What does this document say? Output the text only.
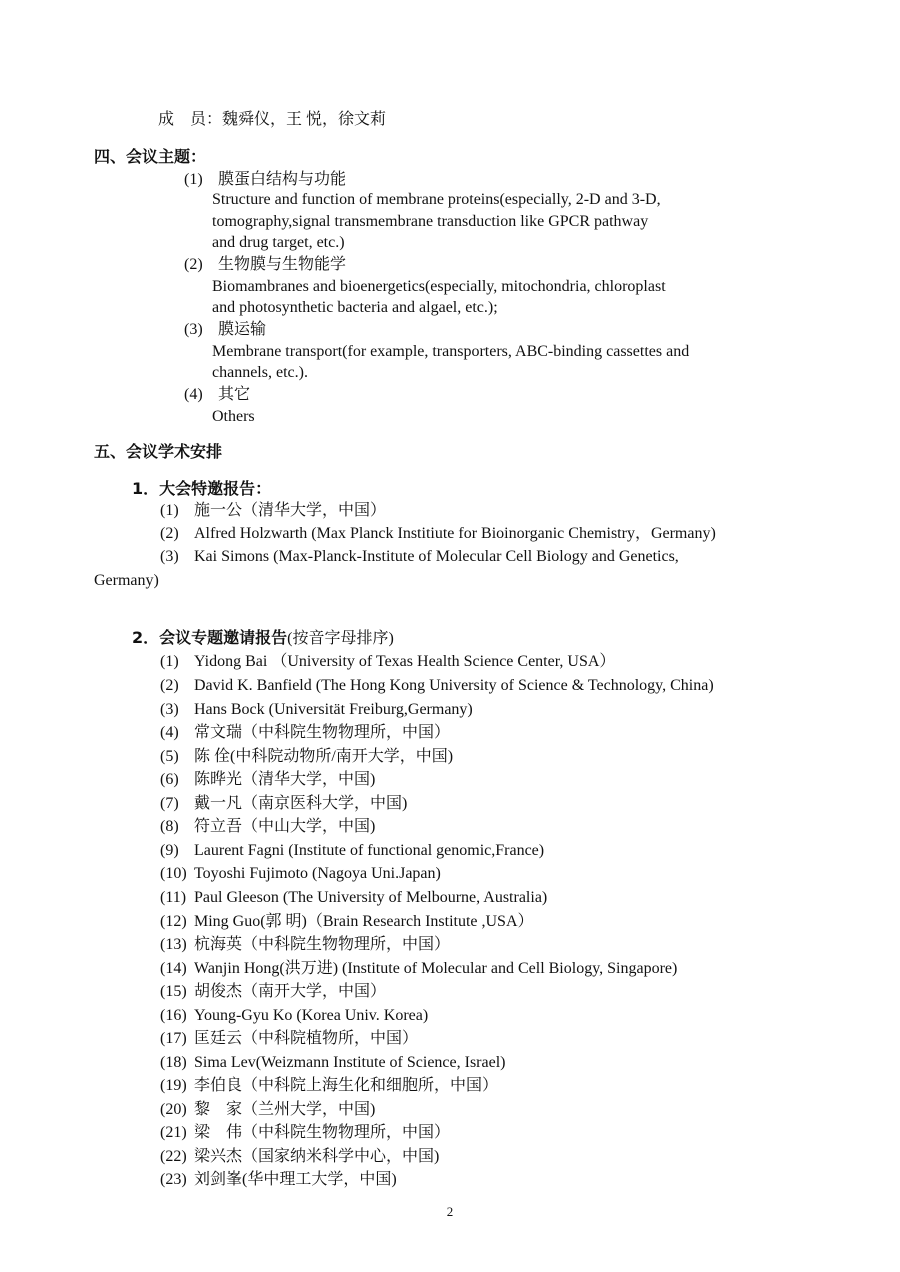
成　员：魏舜仪，王 悦，徐文莉
四、会议主题：
(1) 膜蛋白结构与功能
Structure and function of membrane proteins(especially, 2-D and 3-D,
tomography,signal transmembrane transduction like GPCR pathway
and drug target, etc.)
(2) 生物膜与生物能学
Biomambranes and bioenergetics(especially, mitochondria, chloroplast
and photosynthetic bacteria and algael, etc.);
(3) 膜运输
Membrane transport(for example, transporters, ABC-binding cassettes and
channels, etc.).
(4) 其它
Others
五、会议学术安排
1．大会特邀报告：
(1) 施一公（清华大学，中国）
(2) Alfred Holzwarth (Max Planck Institiute for Bioinorganic Chemistry，Germany)
(3) Kai Simons (Max-Planck-Institute of Molecular Cell Biology and Genetics,
Germany)
2．会议专题邀请报告(按音字母排序)
(1) Yidong Bai （University of Texas Health Science Center, USA）
(2) David K. Banfield (The Hong Kong University of Science & Technology, China)
(3) Hans Bock (Universität Freiburg,Germany)
(4) 常文瑞（中科院生物物理所，中国）
(5) 陈 佺(中科院动物所/南开大学，中国)
(6) 陈晔光（清华大学，中国)
(7) 戴一凡（南京医科大学，中国)
(8) 符立吾（中山大学，中国)
(9) Laurent Fagni (Institute of functional genomic,France)
(10) Toyoshi Fujimoto (Nagoya Uni.Japan)
(11) Paul Gleeson (The University of Melbourne, Australia)
(12) Ming Guo(郭 明)（Brain Research Institute ,USA）
(13) 杭海英（中科院生物物理所，中国）
(14) Wanjin Hong(洪万进) (Institute of Molecular and Cell Biology, Singapore)
(15) 胡俊杰（南开大学，中国）
(16) Young-Gyu Ko (Korea Univ. Korea)
(17) 匡廷云（中科院植物所，中国）
(18) Sima Lev(Weizmann Institute of Science, Israel)
(19) 李伯良（中科院上海生化和细胞所，中国）
(20) 黎　家（兰州大学，中国)
(21) 梁　伟（中科院生物物理所，中国）
(22) 梁兴杰（国家纳米科学中心，中国)
(23) 刘剑峯(华中理工大学，中国)
2
